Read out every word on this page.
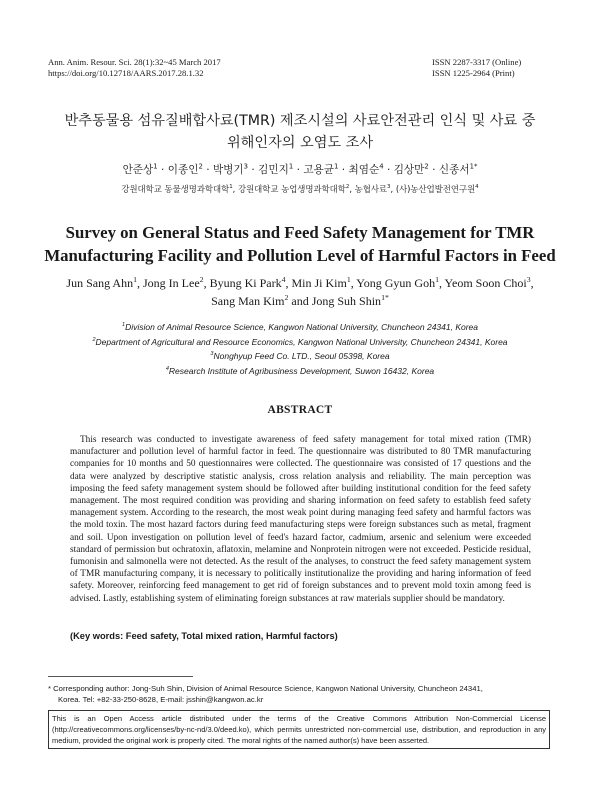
Ann. Anim. Resour. Sci. 28(1):32~45 March 2017
https://doi.org/10.12718/AARS.2017.28.1.32
ISSN 2287-3317 (Online)
ISSN 1225-2964 (Print)
반추동물용 섬유질배합사료(TMR) 제조시설의 사료안전관리 인식 및 사료 중
위해인자의 오염도 조사
안준상$^1$ · 이종인$^2$ · 박병기$^3$ · 김민지$^1$ · 고용균$^1$ · 최염순$^4$ · 김상만$^2$ · 신종서$^{1*}$
강원대학교 동물생명과학대학$^1$, 강원대학교 농업생명과학대학$^2$, 농협사료$^3$, (사)농산업발전연구원$^4$
Survey on General Status and Feed Safety Management for TMR
Manufacturing Facility and Pollution Level of Harmful Factors in Feed
Jun Sang Ahn$^1$, Jong In Lee$^2$, Byung Ki Park$^4$, Min Ji Kim$^1$, Yong Gyun Goh$^1$, Yeom Soon Choi$^3$,
Sang Man Kim$^2$ and Jong Suh Shin$^{1*}$
$^1$Division of Animal Resource Science, Kangwon National University, Chuncheon 24341, Korea
$^2$Department of Agricultural and Resource Economics, Kangwon National University, Chuncheon 24341, Korea
$^3$Nonghyup Feed Co. LTD., Seoul 05398, Korea
$^4$Research Institute of Agribusiness Development, Suwon 16432, Korea
ABSTRACT

This research was conducted to investigate awareness of feed safety management for total mixed ration (TMR) manufacturer and pollution level of harmful factor in feed. The questionnaire was distributed to 80 TMR manufacturing companies for 10 months and 50 questionnaires were collected. The questionnaire was consisted of 17 questions and the data were analyzed by descriptive statistic analysis, cross relation analysis and reliability. The main perception was imposing the feed safety management system should be followed after building institutional condition for the feed safety management. The most required condition was providing and sharing information on feed safety to establish feed safety management system. According to the research, the most weak point during managing feed safety and harmful factors was the mold toxin. The most hazard factors during feed manufacturing steps were foreign substances such as metal, fragment and soil. Upon investigation on pollution level of feed's hazard factor, cadmium, arsenic and selenium were exceeded standard of permission but ochratoxin, aflatoxin, melamine and Nonprotein nitrogen were not exceeded. Pesticide residual, fumonisin and salmonella were not detected. As the result of the analyses, to construct the feed safety management system of TMR manufacturing company, it is necessary to politically institutionalize the providing and haring information of feed safety. Moreover, reinforcing feed management to get rid of foreign substances and to prevent mold toxin among feed is advised. Lastly, establishing system of eliminating foreign substances at raw materials supplier should be mandatory.

(Key words: Feed safety, Total mixed ration, Harmful factors)
* Corresponding author: Jong-Suh Shin, Division of Animal Resource Science, Kangwon National University, Chuncheon 24341,
Korea. Tel: +82-33-250-8628, E-mail: jsshin@kangwon.ac.kr
This is an Open Access article distributed under the terms of the Creative Commons Attribution Non-Commercial License (http://creativecommons.org/licenses/by-nc-nd/3.0/deed.ko), which permits unrestricted non-commercial use, distribution, and reproduction in any medium, provided the original work is properly cited. The moral rights of the named author(s) have been asserted.
